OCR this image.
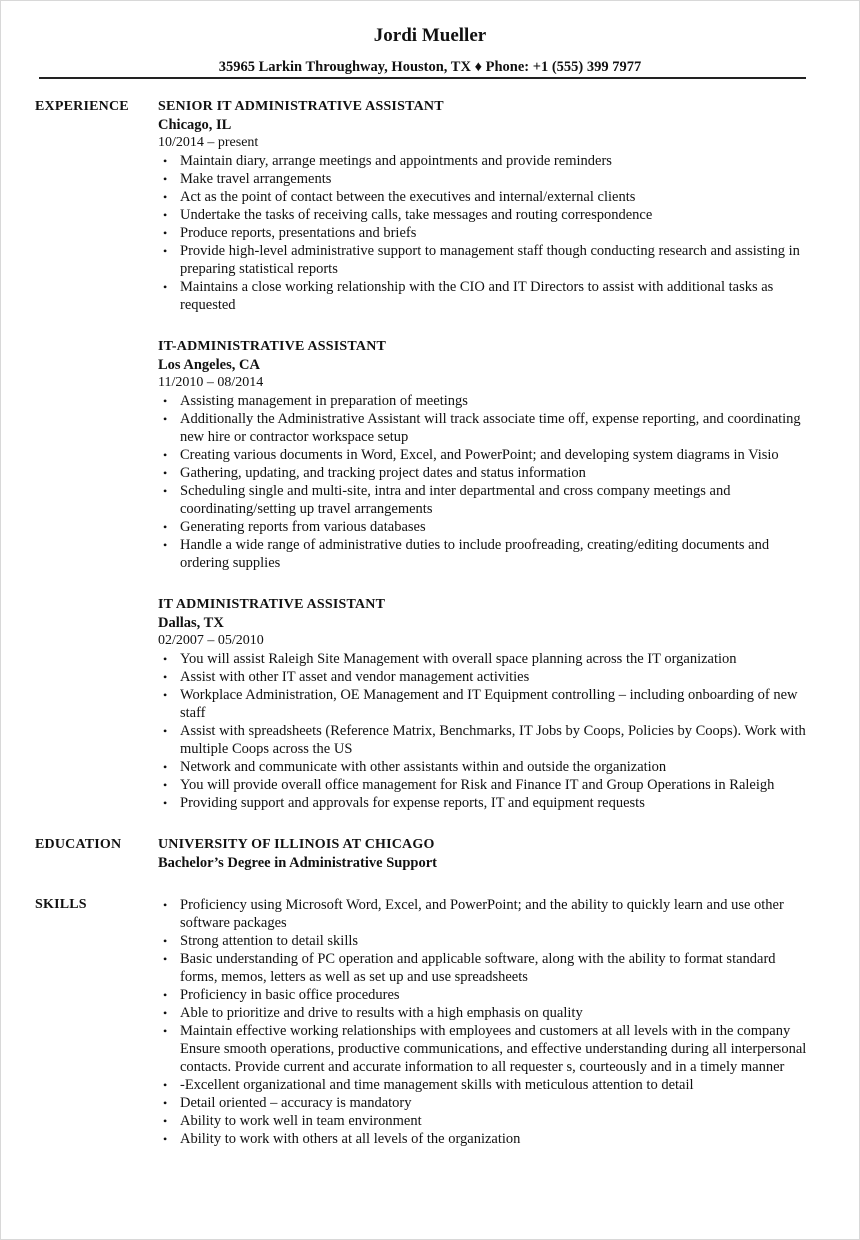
Jordi Mueller
35965 Larkin Throughway, Houston, TX ♦ Phone: +1 (555) 399 7977
EXPERIENCE SENIOR IT ADMINISTRATIVE ASSISTANT
Chicago, IL
10/2014 – present
• Maintain diary, arrange meetings and appointments and provide reminders
• Make travel arrangements
• Act as the point of contact between the executives and internal/external clients
• Undertake the tasks of receiving calls, take messages and routing correspondence
• Produce reports, presentations and briefs
• Provide high-level administrative support to management staff though conducting research and assisting in preparing statistical reports
• Maintains a close working relationship with the CIO and IT Directors to assist with additional tasks as requested
IT-ADMINISTRATIVE ASSISTANT
Los Angeles, CA
11/2010 – 08/2014
• Assisting management in preparation of meetings
• Additionally the Administrative Assistant will track associate time off, expense reporting, and coordinating new hire or contractor workspace setup
• Creating various documents in Word, Excel, and PowerPoint; and developing system diagrams in Visio
• Gathering, updating, and tracking project dates and status information
• Scheduling single and multi-site, intra and inter departmental and cross company meetings and coordinating/setting up travel arrangements
• Generating reports from various databases
• Handle a wide range of administrative duties to include proofreading, creating/editing documents and ordering supplies
IT ADMINISTRATIVE ASSISTANT
Dallas, TX
02/2007 – 05/2010
• You will assist Raleigh Site Management with overall space planning across the IT organization
• Assist with other IT asset and vendor management activities
• Workplace Administration, OE Management and IT Equipment controlling – including onboarding of new staff
• Assist with spreadsheets (Reference Matrix, Benchmarks, IT Jobs by Coops, Policies by Coops). Work with multiple Coops across the US
• Network and communicate with other assistants within and outside the organization
• You will provide overall office management for Risk and Finance IT and Group Operations in Raleigh
• Providing support and approvals for expense reports, IT and equipment requests
EDUCATION	UNIVERSITY OF ILLINOIS AT CHICAGO
Bachelor’s Degree in Administrative Support
SKILLS	• Proficiency using Microsoft Word, Excel, and PowerPoint; and the ability to quickly learn and use other software packages
• Strong attention to detail skills
• Basic understanding of PC operation and applicable software, along with the ability to format standard forms, memos, letters as well as set up and use spreadsheets
• Proficiency in basic office procedures
• Able to prioritize and drive to results with a high emphasis on quality
• Maintain effective working relationships with employees and customers at all levels with in the company Ensure smooth operations, productive communications, and effective understanding during all interpersonal contacts. Provide current and accurate information to all requester s, courteously and in a timely manner
• -Excellent organizational and time management skills with meticulous attention to detail
• Detail oriented – accuracy is mandatory
• Ability to work well in team environment
• Ability to work with others at all levels of the organization
